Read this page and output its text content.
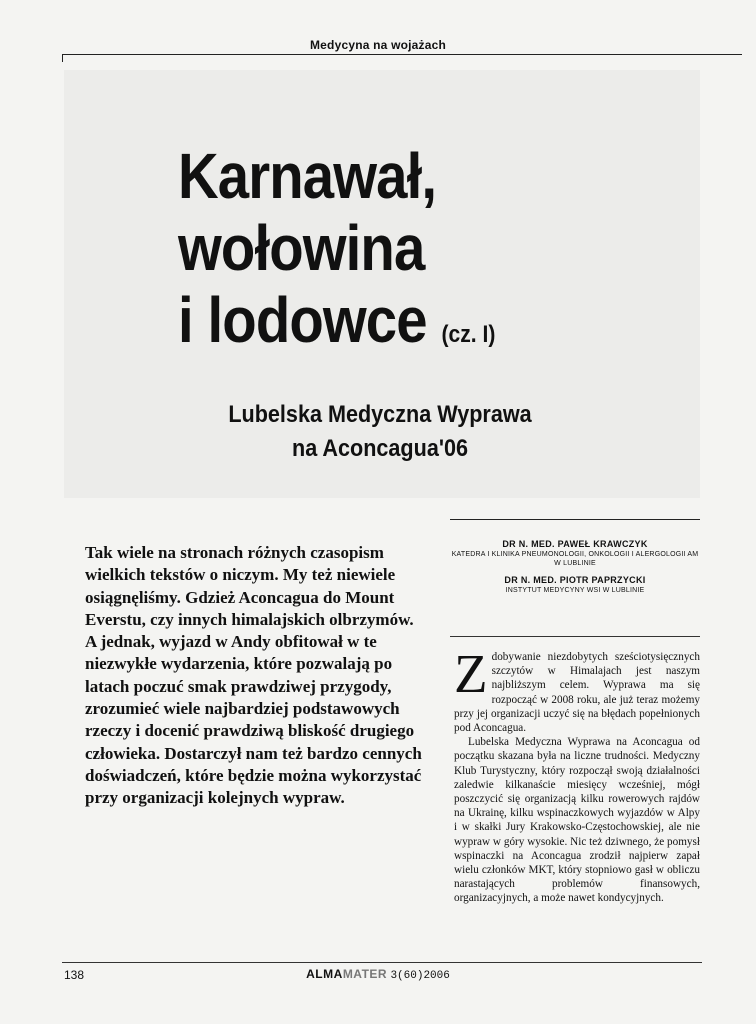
Medycyna na wojażach
Karnawał,
wołowina
i lodowce (cz. I)
Lubelska Medyczna Wyprawa
na Aconcagua'06
Tak wiele na stronach różnych czasopism wielkich tekstów o niczym. My też niewiele osiągnęliśmy. Gdzież Aconcagua do Mount Everstu, czy innych himalajskich olbrzymów. A jednak, wyjazd w Andy obfitował w te niezwykłe wydarzenia, które pozwalają po latach poczuć smak prawdziwej przygody, zrozumieć wiele najbardziej podstawowych rzeczy i docenić prawdziwą bliskość drugiego człowieka. Dostarczył nam też bardzo cennych doświadczeń, które będzie można wykorzystać przy organizacji kolejnych wypraw.
DR N. MED. PAWEŁ KRAWCZYK
KATEDRA I KLINIKA PNEUMONOLOGII, ONKOLOGII I ALERGOLOGII AM W LUBLINIE
DR N. MED. PIOTR PAPRZYCKI
INSTYTUT MEDYCYNY WSI W LUBLINIE

Zdobywanie niezdobytych sześciotysięcznych szczytów w Himalajach jest naszym najbliższym celem. Wyprawa ma się rozpocząć w 2008 roku, ale już teraz możemy przy jej organizacji uczyć się na błędach popełnionych pod Aconcagua.

Lubelska Medyczna Wyprawa na Aconcagua od początku skazana była na liczne trudności. Medyczny Klub Turystyczny, który rozpoczął swoją działalności zaledwie kilkanaście miesięcy wcześniej, mógł poszczycić się organizacją kilku rowerowych rajdów na Ukrainę, kilku wspinaczkowych wyjazdów w Alpy i w skałki Jury Krakowsko-Częstochowskiej, ale nie wypraw w góry wysokie. Nic też dziwnego, że pomysł wspinaczki na Aconcagua zrodził najpierw zapał wielu członków MKT, który stopniowo gasł w obliczu narastających problemów finansowych, organizacyjnych, a może nawet kondycyjnych.

138	ALMAMATER 3(60)2006
